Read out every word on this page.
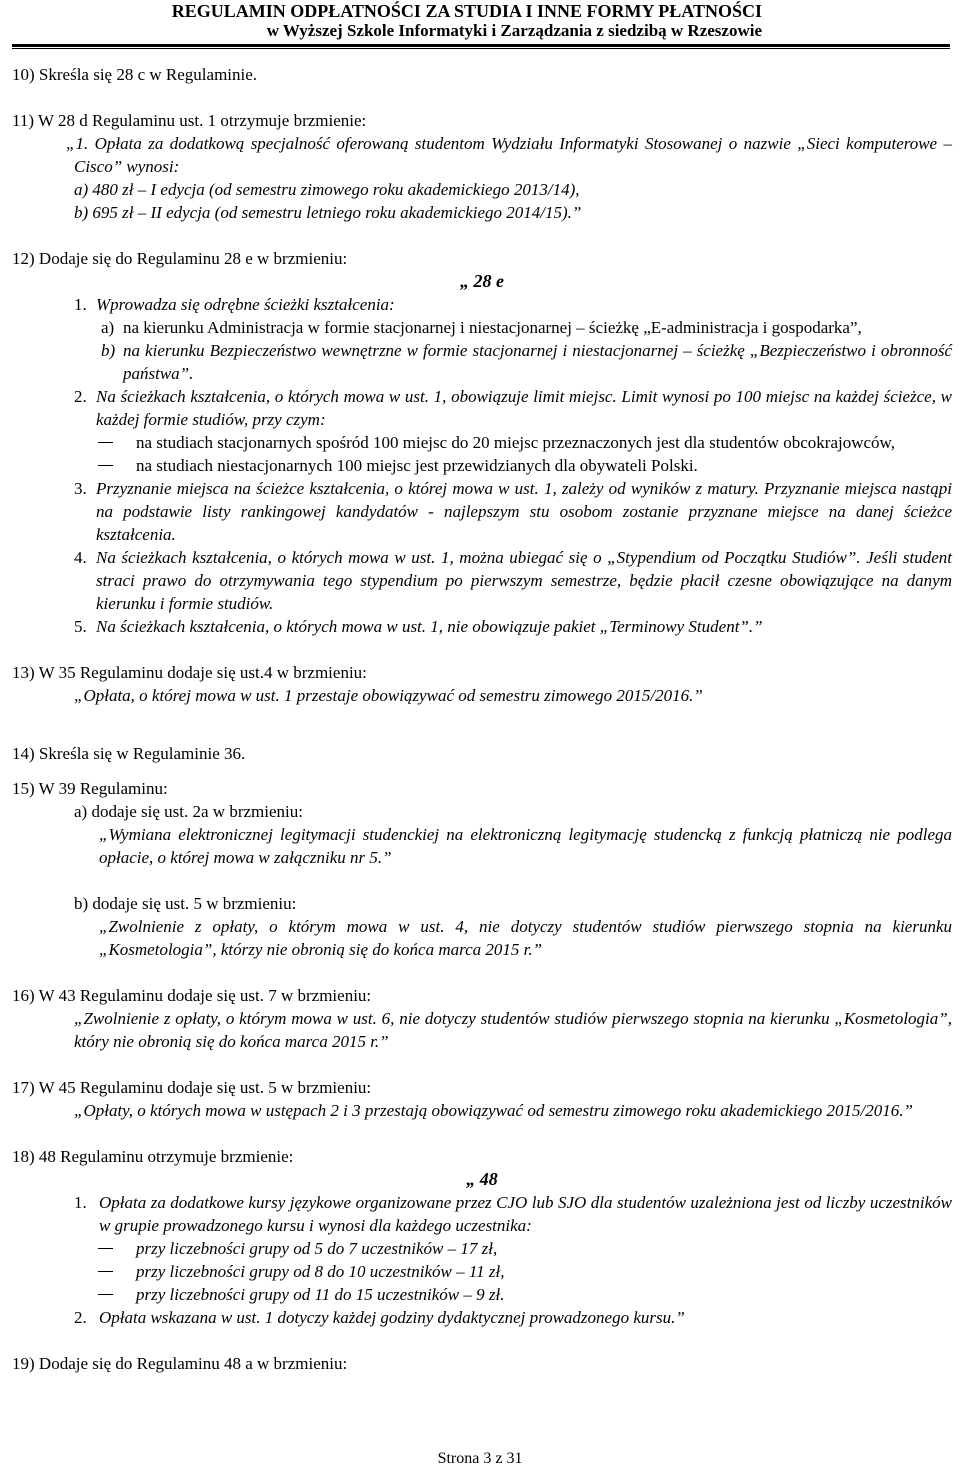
REGULAMIN ODPŁATNOŚCI ZA STUDIA I INNE FORMY PŁATNOŚCI
w Wyższej Szkole Informatyki i Zarządzania z siedzibą w Rzeszowie

10) Skreśla się 28 c w Regulaminie.

11) W 28 d Regulaminu ust. 1 otrzymuje brzmienie:

„1. Opłata za dodatkową specjalność oferowaną studentom Wydziału Informatyki Stosowanej o nazwie „Sieci komputerowe – Cisco” wynosi:

a) 480 zł – I edycja (od semestru zimowego roku akademickiego 2013/14),

b) 695 zł – II edycja (od semestru letniego roku akademickiego 2014/15).”

12) Dodaje się do Regulaminu 28 e w brzmieniu:

„ 28 e

1. Wprowadza się odrębne ścieżki kształcenia:
a) na kierunku Administracja w formie stacjonarnej i niestacjonarnej – ścieżkę „E-administracja i gospodarka”,
b) na kierunku Bezpieczeństwo wewnętrzne w formie stacjonarnej i niestacjonarnej – ścieżkę „Bezpieczeństwo i obronność państwa”.
2. Na ścieżkach kształcenia, o których mowa w ust. 1, obowiązuje limit miejsc. Limit wynosi po 100 miejsc na każdej ścieżce, w każdej formie studiów, przy czym:
na studiach stacjonarnych spośród 100 miejsc do 20 miejsc przeznaczonych jest dla studentów obcokrajowców,
na studiach niestacjonarnych 100 miejsc jest przewidzianych dla obywateli Polski.
3. Przyznanie miejsca na ścieżce kształcenia, o której mowa w ust. 1, zależy od wyników z matury. Przyznanie miejsca nastąpi na podstawie listy rankingowej kandydatów - najlepszym stu osobom zostanie przyznane miejsce na danej ścieżce kształcenia.
4. Na ścieżkach kształcenia, o których mowa w ust. 1, można ubiegać się o „Stypendium od Początku Studiów”. Jeśli student straci prawo do otrzymywania tego stypendium po pierwszym semestrze, będzie płacił czesne obowiązujące na danym kierunku i formie studiów.
5. Na ścieżkach kształcenia, o których mowa w ust. 1, nie obowiązuje pakiet „Terminowy Student”.”

13) W 35 Regulaminu dodaje się ust.4 w brzmieniu:

„Opłata, o której mowa w ust. 1 przestaje obowiązywać od semestru zimowego 2015/2016.”

14) Skreśla się w Regulaminie 36.

15) W 39 Regulaminu:

a) dodaje się ust. 2a w brzmieniu:

„Wymiana elektronicznej legitymacji studenckiej na elektroniczną legitymację studencką z funkcją płatniczą nie podlega opłacie, o której mowa w załączniku nr 5.”

b) dodaje się ust. 5 w brzmieniu:

„Zwolnienie z opłaty, o którym mowa w ust. 4, nie dotyczy studentów studiów pierwszego stopnia na kierunku „Kosmetologia”, którzy nie obronią się do końca marca 2015 r.”

16) W 43 Regulaminu dodaje się ust. 7 w brzmieniu:

„Zwolnienie z opłaty, o którym mowa w ust. 6, nie dotyczy studentów studiów pierwszego stopnia na kierunku „Kosmetologia”, który nie obronią się do końca marca 2015 r.”

17) W 45 Regulaminu dodaje się ust. 5 w brzmieniu:

„Opłaty, o których mowa w ustępach 2 i 3 przestają obowiązywać od semestru zimowego roku akademickiego 2015/2016.”

18) 48 Regulaminu otrzymuje brzmienie:

„ 48

1. Opłata za dodatkowe kursy językowe organizowane przez CJO lub SJO dla studentów uzależniona jest od liczby uczestników w grupie prowadzonego kursu i wynosi dla każdego uczestnika:
przy liczebności grupy od 5 do 7 uczestników – 17 zł,
przy liczebności grupy od 8 do 10 uczestników – 11 zł,
przy liczebności grupy od 11 do 15 uczestników – 9 zł.
2. Opłata wskazana w ust. 1 dotyczy każdej godziny dydaktycznej prowadzonego kursu.”

19) Dodaje się do Regulaminu 48 a w brzmieniu:

Strona 3 z 31
